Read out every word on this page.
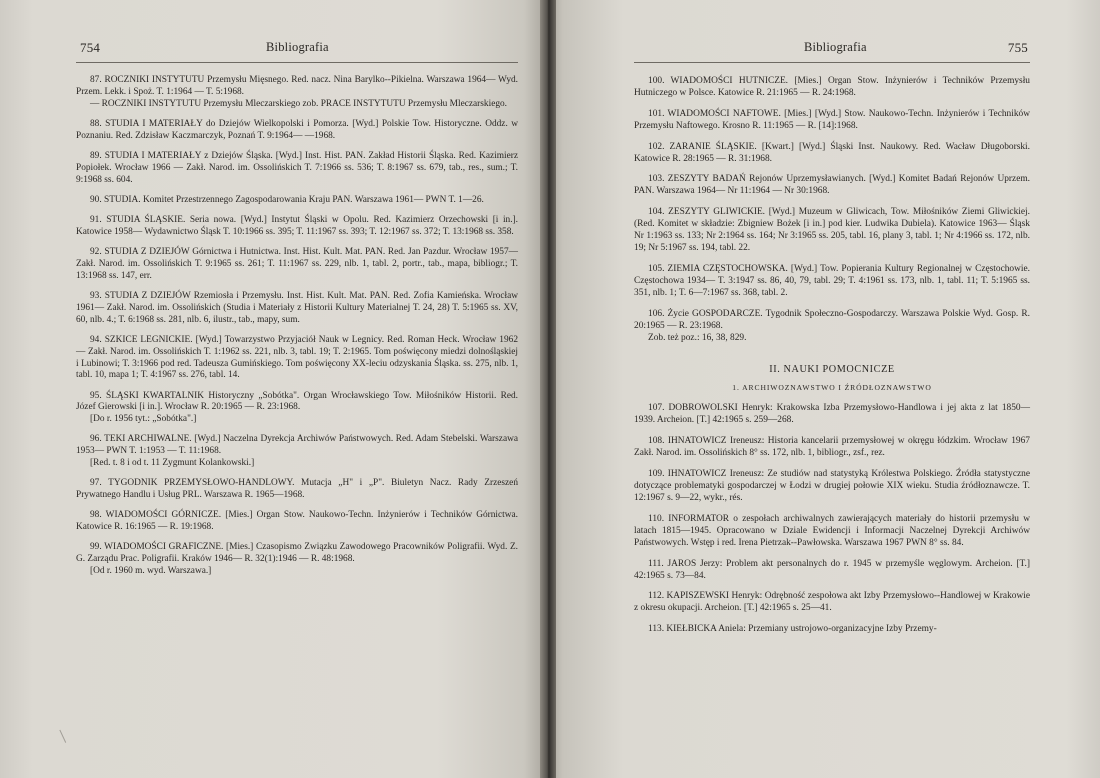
754	Bibliografia

87. ROCZNIKI INSTYTUTU Przemysłu Mięsnego. Red. nacz. Nina Barylko--Pikielna. Warszawa 1964— Wyd. Przem. Lekk. i Spoż. T. 1:1964 — T. 5:1968.
— ROCZNIKI INSTYTUTU Przemysłu Mleczarskiego zob. PRACE INSTYTUTU Przemysłu Mleczarskiego.

88. STUDIA I MATERIAŁY do Dziejów Wielkopolski i Pomorza. [Wyd.] Polskie Tow. Historyczne. Oddz. w Poznaniu. Red. Zdzisław Kaczmarczyk, Poznań T. 9:1964— —1968.

89. STUDIA I MATERIAŁY z Dziejów Śląska. [Wyd.] Inst. Hist. PAN. Zakład Historii Śląska. Red. Kazimierz Popiołek. Wrocław 1966 — Zakł. Narod. im. Ossolińskich T. 7:1966 ss. 536; T. 8:1967 ss. 679, tab., res., sum.; T. 9:1968 ss. 604.

90. STUDIA. Komitet Przestrzennego Zagospodarowania Kraju PAN. Warszawa 1961— PWN T. 1—26.

91. STUDIA ŚLĄSKIE. Seria nowa. [Wyd.] Instytut Śląski w Opolu. Red. Kazimierz Orzechowski [i in.]. Katowice 1958— Wydawnictwo Śląsk T. 10:1966 ss. 395; T. 11:1967 ss. 393; T. 12:1967 ss. 372; T. 13:1968 ss. 358.

92. STUDIA Z DZIEJÓW Górnictwa i Hutnictwa. Inst. Hist. Kult. Mat. PAN. Red. Jan Pazdur. Wrocław 1957— Zakł. Narod. im. Ossolińskich T. 9:1965 ss. 261; T. 11:1967 ss. 229, nlb. 1, tabl. 2, portr., tab., mapa, bibliogr.; T. 13:1968 ss. 147, err.

93. STUDIA Z DZIEJÓW Rzemiosła i Przemysłu. Inst. Hist. Kult. Mat. PAN. Red. Zofia Kamieńska. Wrocław 1961— Zakł. Narod. im. Ossolińskich (Studia i Materiały z Historii Kultury Materialnej T. 24, 28) T. 5:1965 ss. XV, 60, nlb. 4.; T. 6:1968 ss. 281, nlb. 6, ilustr., tab., mapy, sum.

94. SZKICE LEGNICKIE. [Wyd.] Towarzystwo Przyjaciół Nauk w Legnicy. Red. Roman Heck. Wrocław 1962— Zakł. Narod. im. Ossolińskich T. 1:1962 ss. 221, nlb. 3, tabl. 19; T. 2:1965. Tom poświęcony miedzi dolnośląskiej i Lubinowi; T. 3:1966 pod red. Tadeusza Gumińskiego. Tom poświęcony XX-leciu odzyskania Śląska. ss. 275, nlb. 1, tabl. 10, mapa 1; T. 4:1967 ss. 276, tabl. 14.

95. ŚLĄSKI KWARTALNIK Historyczny „Sobótka". Organ Wrocławskiego Tow. Miłośników Historii. Red. Józef Gierowski [i in.]. Wrocław R. 20:1965 — R. 23:1968.
[Do r. 1956 tyt.: „Sobótka".]

96. TEKI ARCHIWALNE. [Wyd.] Naczelna Dyrekcja Archiwów Państwowych. Red. Adam Stebelski. Warszawa 1953— PWN T. 1:1953 — T. 11:1968.
[Red. t. 8 i od t. 11 Zygmunt Kolankowski.]

97. TYGODNIK PRZEMYSŁOWO-HANDLOWY. Mutacja „H" i „P". Biuletyn Nacz. Rady Zrzeszeń Prywatnego Handlu i Usług PRL. Warszawa R. 1965—1968.

98. WIADOMOŚCI GÓRNICZE. [Mies.] Organ Stow. Naukowo-Techn. Inżynierów i Techników Górnictwa. Katowice R. 16:1965 — R. 19:1968.

99. WIADOMOŚCI GRAFICZNE. [Mies.] Czasopismo Związku Zawodowego Pracowników Poligrafii. Wyd. Z. G. Zarządu Prac. Poligrafii. Kraków 1946— R. 32(1):1946 — R. 48:1968.
[Od r. 1960 m. wyd. Warszawa.]

Bibliografia	755

100. WIADOMOŚCI HUTNICZE. [Mies.] Organ Stow. Inżynierów i Techników Przemysłu Hutniczego w Polsce. Katowice R. 21:1965 — R. 24:1968.

101. WIADOMOŚCI NAFTOWE. [Mies.] [Wyd.] Stow. Naukowo-Techn. Inżynierów i Techników Przemysłu Naftowego. Krosno R. 11:1965 — R. [14]:1968.

102. ZARANIE ŚLĄSKIE. [Kwart.] [Wyd.] Śląski Inst. Naukowy. Red. Wacław Długoborski. Katowice R. 28:1965 — R. 31:1968.

103. ZESZYTY BADAŃ Rejonów Uprzemysławianych. [Wyd.] Komitet Badań Rejonów Uprzem. PAN. Warszawa 1964— Nr 11:1964 — Nr 30:1968.

104. ZESZYTY GLIWICKIE. [Wyd.] Muzeum w Gliwicach, Tow. Miłośników Ziemi Gliwickiej. (Red. Komitet w składzie: Zbigniew Bożek [i in.] pod kier. Ludwika Dubiela). Katowice 1963— Śląsk Nr 1:1963 ss. 133; Nr 2:1964 ss. 164; Nr 3:1965 ss. 205, tabl. 16, plany 3, tabl. 1; Nr 4:1966 ss. 172, nlb. 19; Nr 5:1967 ss. 194, tabl. 22.

105. ZIEMIA CZĘSTOCHOWSKA. [Wyd.] Tow. Popierania Kultury Regionalnej w Częstochowie. Częstochowa 1934— T. 3:1947 ss. 86, 40, 79, tabl. 29; T. 4:1961 ss. 173, nlb. 1, tabl. 11; T. 5:1965 ss. 351, nlb. 1; T. 6—7:1967 ss. 368, tabl. 2.

106. Życie GOSPODARCZE. Tygodnik Społeczno-Gospodarczy. Warszawa Polskie Wyd. Gosp. R. 20:1965 — R. 23:1968.
Zob. też poz.: 16, 38, 829.

II. NAUKI POMOCNICZE
1. ARCHIWOZNAWSTWO I ŹRÓDŁOZNAWSTWO

107. DOBROWOLSKI Henryk: Krakowska Izba Przemysłowo-Handlowa i jej akta z lat 1850—1939. Archeion. [T.] 42:1965 s. 259—268.

108. IHNATOWICZ Ireneusz: Historia kancelarii przemysłowej w okręgu łódzkim. Wrocław 1967 Zakł. Narod. im. Ossolińskich 8° ss. 172, nlb. 1, bibliogr., zsf., rez.

109. IHNATOWICZ Ireneusz: Ze studiów nad statystyką Królestwa Polskiego. Źródła statystyczne dotyczące problematyki gospodarczej w Łodzi w drugiej połowie XIX wieku. Studia źródłoznawcze. T. 12:1967 s. 9—22, wykr., rés.

110. INFORMATOR o zespołach archiwalnych zawierających materiały do historii przemysłu w latach 1815—1945. Opracowano w Dziale Ewidencji i Informacji Naczelnej Dyrekcji Archiwów Państwowych. Wstęp i red. Irena Pietrzak--Pawłowska. Warszawa 1967 PWN 8° ss. 84.

111. JAROS Jerzy: Problem akt personalnych do r. 1945 w przemyśle węglowym. Archeion. [T.] 42:1965 s. 73—84.

112. KAPISZEWSKI Henryk: Odrębność zespołowa akt Izby Przemysłowo--Handlowej w Krakowie z okresu okupacji. Archeion. [T.] 42:1965 s. 25—41.

113. KIEŁBICKA Aniela: Przemiany ustrojowo-organizacyjne Izby Przemy-
